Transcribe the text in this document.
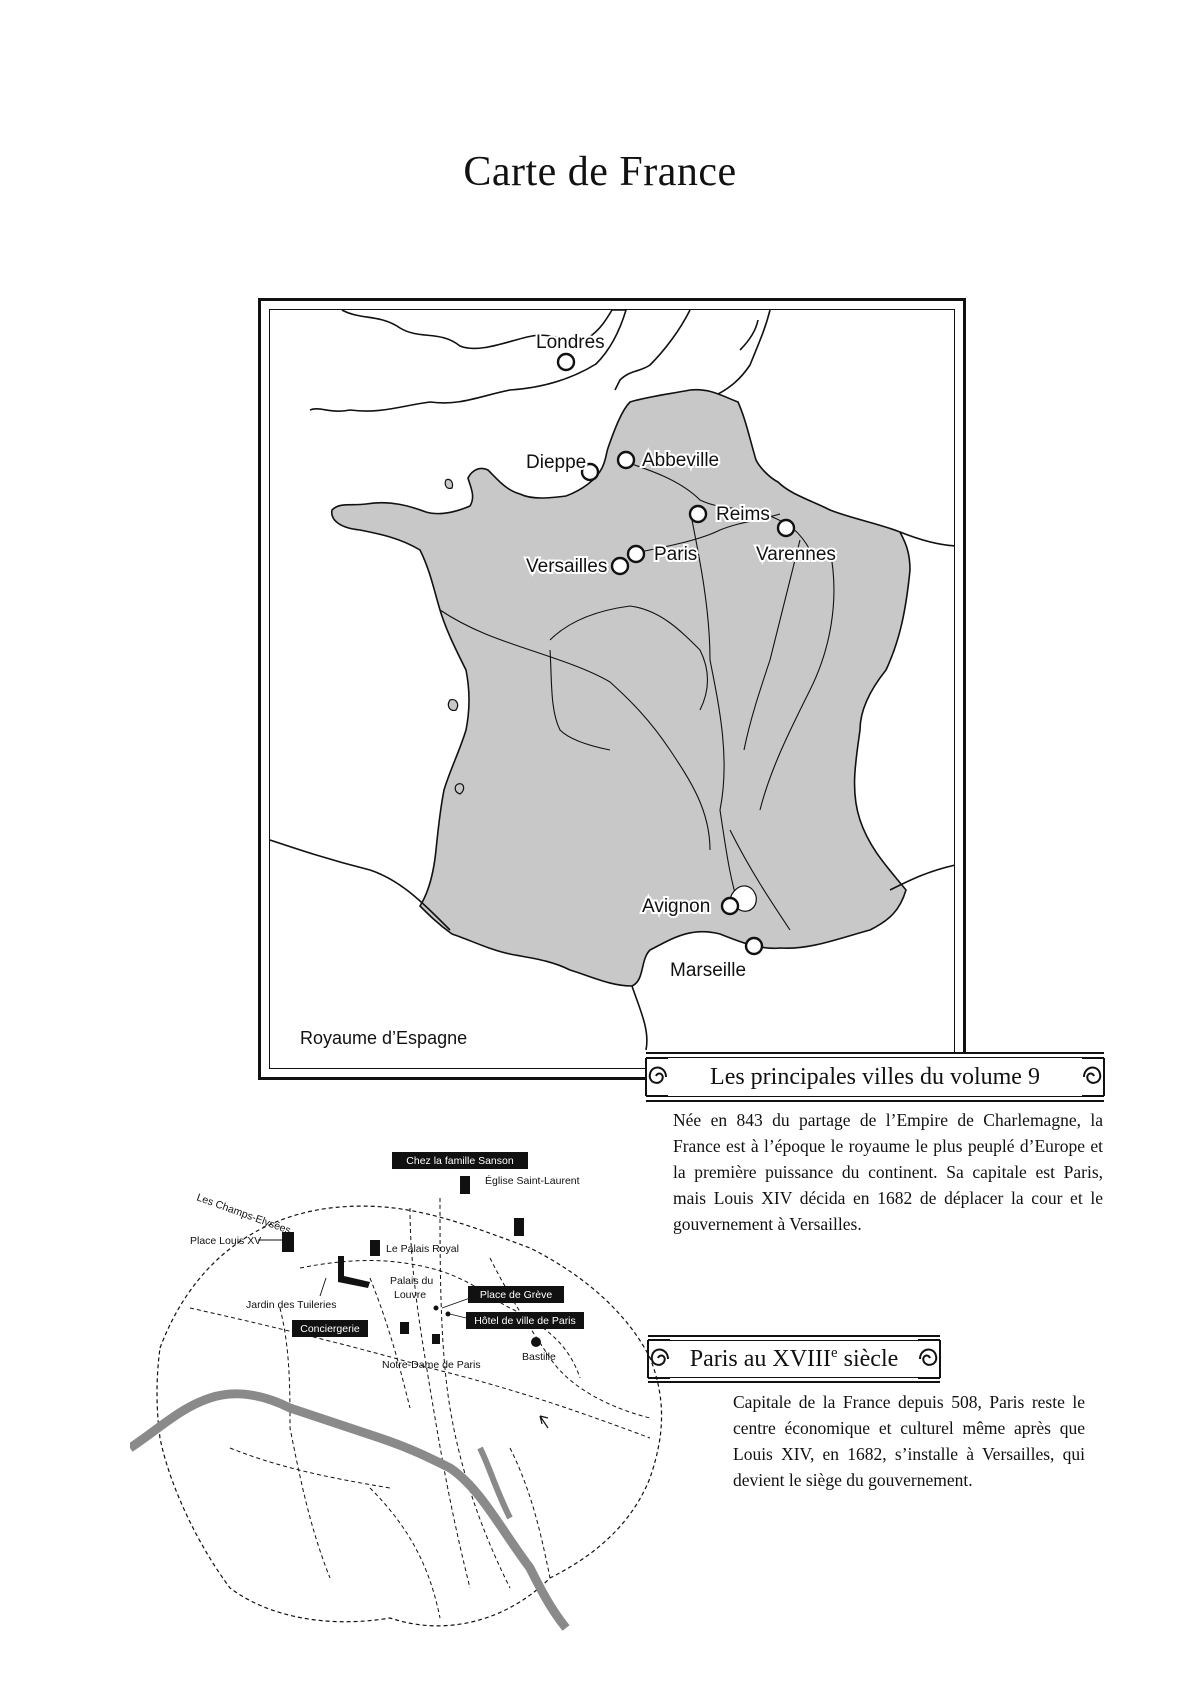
Carte de France
Londres
Dieppe	Abbeville
Reims
Varennes
Paris
Versailles
Avignon
Marseille
Royaume d’Espagne
Les principales villes du volume 9
Née en 843 du partage de l’Empire de Charlemagne, la France est à l’époque le royaume le plus peuplé d’Europe et la première puissance du continent. Sa capitale est Paris, mais Louis XIV décida en 1682 de déplacer la cour et le gouvernement à Versailles.
Paris au XVIIIe siècle
Capitale de la France depuis 508, Paris reste le centre économique et culturel même après que Louis XIV, en 1682, s’installe à Versailles, qui devient le siège du gouvernement.
Chez la famille Sanson
Place de Grève
Hôtel de ville de Paris
Conciergerie
Église Saint-Laurent
Les Champs-Elysées
Place Louis XV
Le Palais Royal
Palais du
Louvre
Jardin des Tuileries
Notre-Dame de Paris
Bastille
